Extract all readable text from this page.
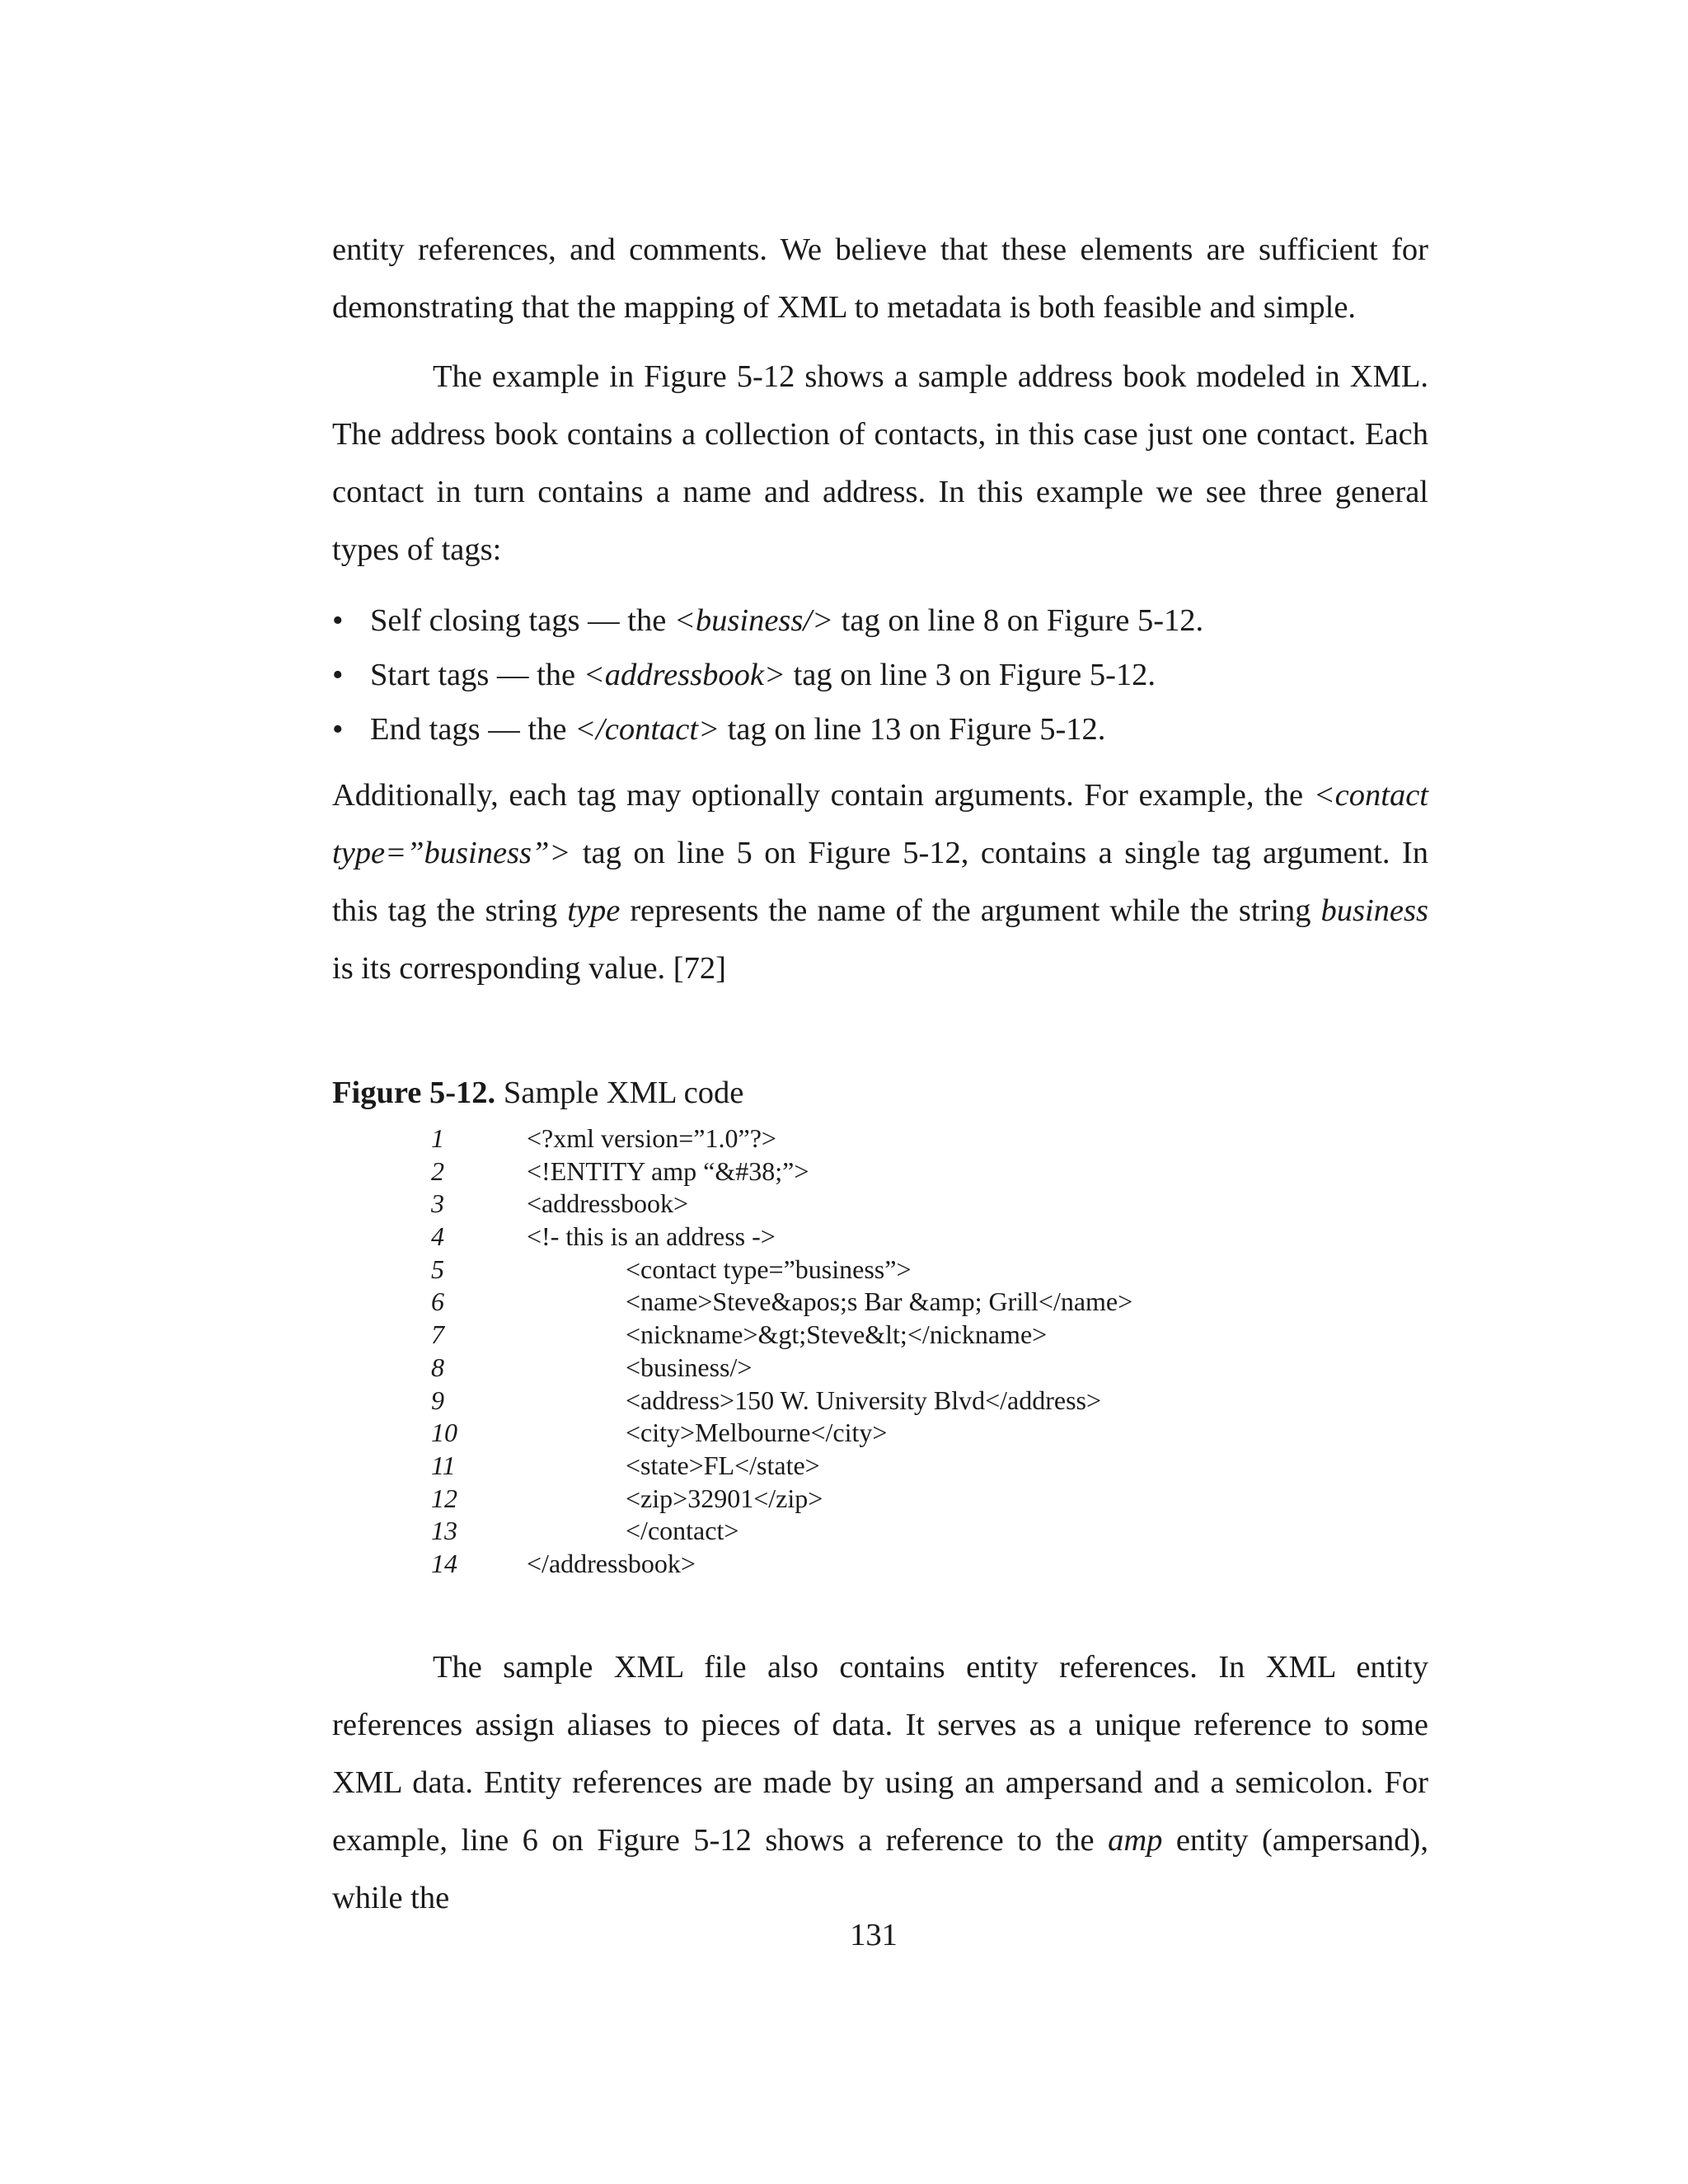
entity references, and comments. We believe that these elements are sufficient for demonstrating that the mapping of XML to metadata is both feasible and simple.

The example in Figure 5-12 shows a sample address book modeled in XML. The address book contains a collection of contacts, in this case just one contact. Each contact in turn contains a name and address. In this example we see three general types of tags:

• Self closing tags — the <business/> tag on line 8 on Figure 5-12.
• Start tags — the <addressbook> tag on line 3 on Figure 5-12.
• End tags — the </contact> tag on line 13 on Figure 5-12.

Additionally, each tag may optionally contain arguments. For example, the <contact type=”business”> tag on line 5 on Figure 5-12, contains a single tag argument. In this tag the string type represents the name of the argument while the string business is its corresponding value. [72]

Figure 5-12. Sample XML code

1	<?xml version=”1.0”?>
2	<!ENTITY amp “&#38;”>
3	<addressbook>
4	<!- this is an address ->
5	<contact type=”business”>
6	<name>Steve&apos;s Bar &amp; Grill</name>
7	<nickname>&gt;Steve&lt;</nickname>
8	<business/>
9	<address>150 W. University Blvd</address>
10	<city>Melbourne</city>
11	<state>FL</state>
12	<zip>32901</zip>
13	</contact>
14	</addressbook>

The sample XML file also contains entity references. In XML entity references assign aliases to pieces of data. It serves as a unique reference to some XML data. Entity references are made by using an ampersand and a semicolon. For example, line 6 on Figure 5-12 shows a reference to the amp entity (ampersand), while the

131
